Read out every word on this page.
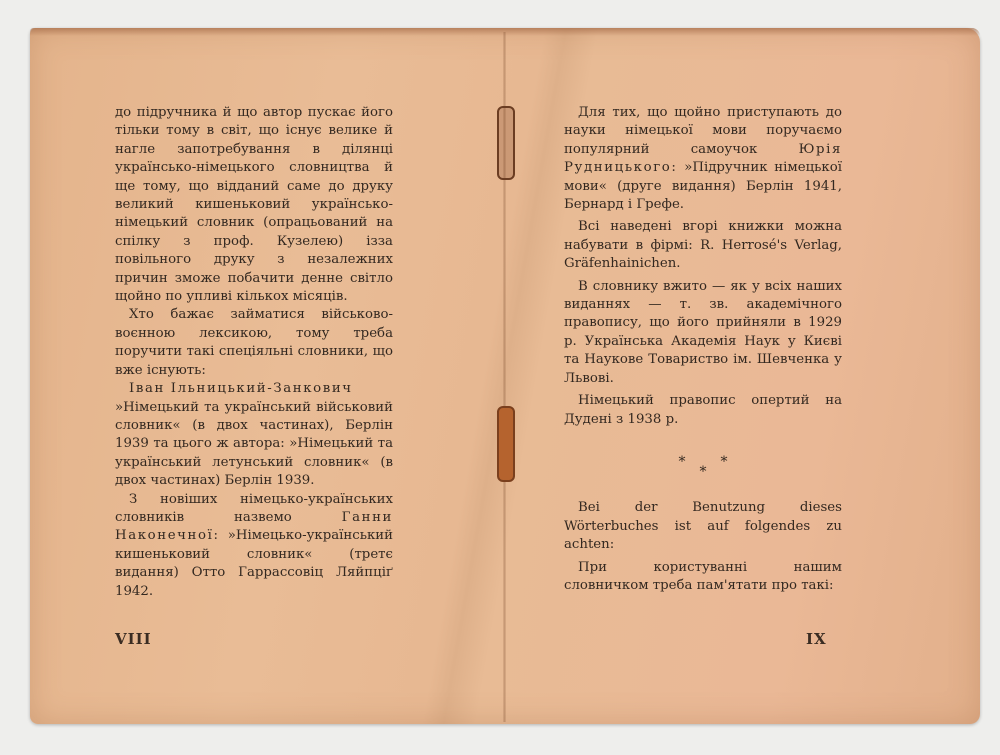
до підручника й що автор пускає його тільки тому в світ, що існує велике й нагле запотребування в ділянці українсько-німецького словництва й ще тому, що відданий саме до друку великий кишеньковий українсько-німецький словник (опрацьований на спілку з проф. Кузелею) ізза повільного друку з незалежних причин зможе побачити денне світло щойно по упливі кількох місяців.

Хто бажає займатися військово-воєнною лексикою, тому треба поручити такі спеціяльні словники, що вже існують:

Іван Ільницький-Занкович

»Німецький та український військовий словник« (в двох частинах), Берлін 1939 та цього ж автора: »Німецький та український летунський словник« (в двох частинах) Берлін 1939.

З новіших німецько-українських словників назвемо Ганни Наконечної: »Німецько-український кишеньковий словник« (третє видання) Отто Гаррассовіц Ляйпціґ 1942.

Для тих, що щойно приступають до науки німецької мови поручаємо популярний самоучок Юрія Рудницького: »Підручник німецької мови« (друге видання) Берлін 1941, Бернард і Грефе.

Всі наведені вгорі книжки можна набувати в фірмі: R. Herrosé's Verlag, Gräfenhainichen.

В словнику вжито — як у всіх наших виданнях — т. зв. академічного правопису, що його прийняли в 1929 р. Українська Академія Наук у Києві та Наукове Товариство ім. Шевченка у Львові.

Німецький правопис опертий на Дудені з 1938 р.

***

Bei der Benutzung dieses Wörterbuches ist auf folgendes zu achten:

При користуванні нашим словничком треба пам'ятати про такі:

VIII	IX
